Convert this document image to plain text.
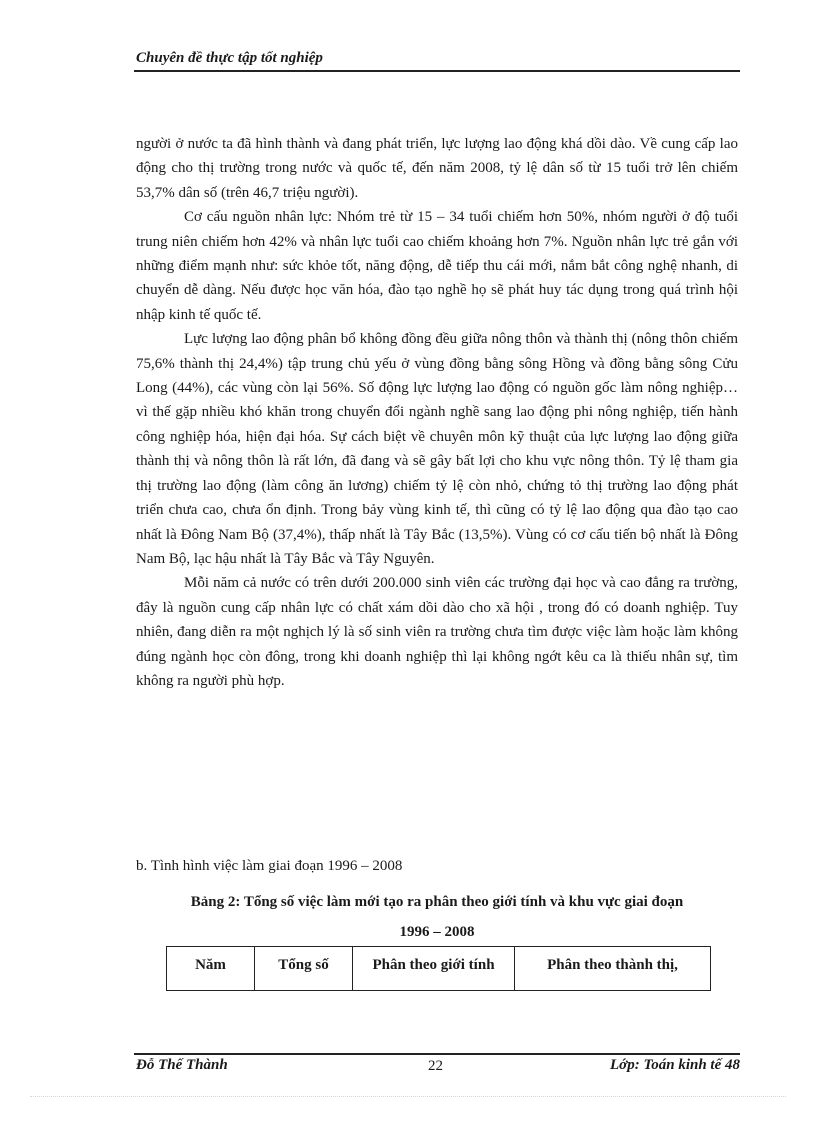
Chuyên đề thực tập tốt nghiệp

người ở nước ta đã hình thành và đang phát triển, lực lượng lao động khá dồi dào. Về cung cấp lao động cho thị trường trong nước và quốc tế, đến năm 2008, tỷ lệ dân số từ 15 tuổi trở lên chiếm 53,7% dân số (trên 46,7 triệu người).

Cơ cấu nguồn nhân lực: Nhóm trẻ từ 15 – 34 tuổi chiếm hơn 50%, nhóm người ở độ tuổi trung niên chiếm hơn 42% và nhân lực tuổi cao chiếm khoảng hơn 7%. Nguồn nhân lực trẻ gắn với những điểm mạnh như: sức khỏe tốt, năng động, dễ tiếp thu cái mới, nắm bắt công nghệ nhanh, di chuyển dễ dàng. Nếu được học văn hóa, đào tạo nghề họ sẽ phát huy tác dụng trong quá trình hội nhập kinh tế quốc tế.

Lực lượng lao động phân bổ không đồng đều giữa nông thôn và thành thị (nông thôn chiếm 75,6% thành thị 24,4%) tập trung chủ yếu ở vùng đồng bằng sông Hồng và đồng bằng sông Cửu Long (44%), các vùng còn lại 56%. Số động lực lượng lao động có nguồn gốc làm nông nghiệp… vì thế gặp nhiều khó khăn trong chuyển đổi ngành nghề sang lao động phi nông nghiệp, tiến hành công nghiệp hóa, hiện đại hóa. Sự cách biệt về chuyên môn kỹ thuật của lực lượng lao động giữa thành thị và nông thôn là rất lớn, đã đang và sẽ gây bất lợi cho khu vực nông thôn. Tỷ lệ tham gia thị trường lao động (làm công ăn lương) chiếm tỷ lệ còn nhỏ, chứng tỏ thị trường lao động phát triển chưa cao, chưa ổn định. Trong bảy vùng kinh tế, thì cũng có tỷ lệ lao động qua đào tạo cao nhất là Đông Nam Bộ (37,4%), thấp nhất là Tây Bắc (13,5%). Vùng có cơ cấu tiến bộ nhất là Đông Nam Bộ, lạc hậu nhất là Tây Bắc và Tây Nguyên.

Mỗi năm cả nước có trên dưới 200.000 sinh viên các trường đại học và cao đẳng ra trường, đây là nguồn cung cấp nhân lực có chất xám dồi dào cho xã hội , trong đó có doanh nghiệp. Tuy nhiên, đang diễn ra một nghịch lý là số sinh viên ra trường chưa tìm được việc làm hoặc làm không đúng ngành học còn đông, trong khi doanh nghiệp thì lại không ngớt kêu ca là thiếu nhân sự, tìm không ra người phù hợp.

b. Tình hình việc làm giai đoạn 1996 – 2008
Bảng 2: Tổng số việc làm mới tạo ra phân theo giới tính và khu vực giai đoạn
1996 – 2008
Năm	Tổng số	Phân theo giới tính	Phân theo thành thị,
Đỗ Thế Thành	22	Lớp: Toán kinh tế 48
